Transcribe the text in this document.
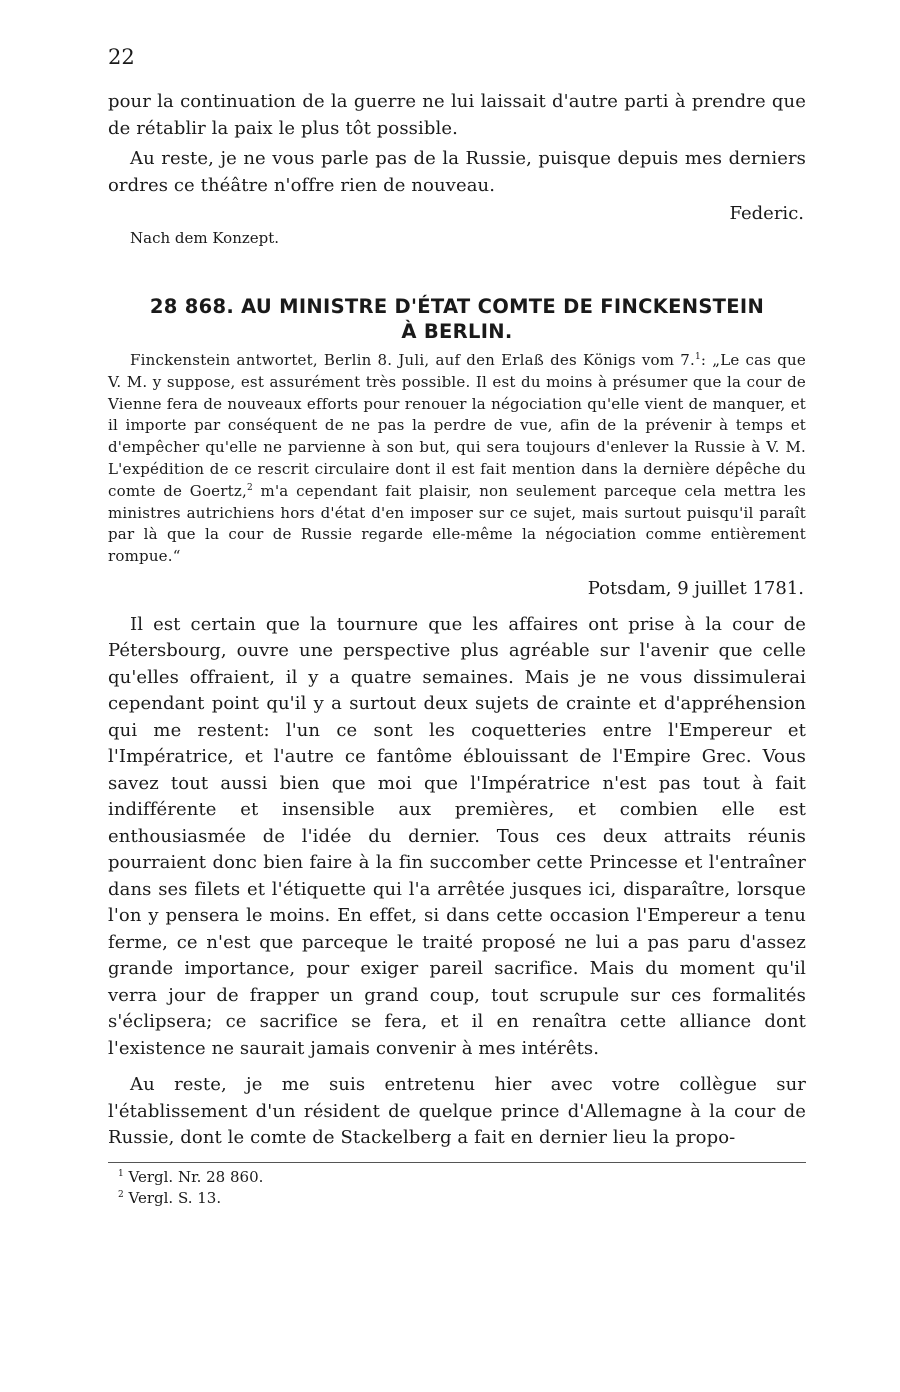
22

pour la continuation de la guerre ne lui laissait d'autre parti à prendre que de rétablir la paix le plus tôt possible.

Au reste, je ne vous parle pas de la Russie, puisque depuis mes derniers ordres ce théâtre n'offre rien de nouveau.

Federic.

Nach dem Konzept.

28 868. AU MINISTRE D'ÉTAT COMTE DE FINCKENSTEIN
À BERLIN.

Finckenstein antwortet, Berlin 8. Juli, auf den Erlaß des Königs vom 7.$^1$: „Le cas que V. M. y suppose, est assurément très possible. Il est du moins à présumer que la cour de Vienne fera de nouveaux efforts pour renouer la négociation qu'elle vient de manquer, et il importe par conséquent de ne pas la perdre de vue, afin de la prévenir à temps et d'empêcher qu'elle ne parvienne à son but, qui sera toujours d'enlever la Russie à V. M. L'expédition de ce rescrit circulaire dont il est fait mention dans la dernière dépêche du comte de Goertz,$^2$ m'a cependant fait plaisir, non seulement parceque cela mettra les ministres autrichiens hors d'état d'en imposer sur ce sujet, mais surtout puisqu'il paraît par là que la cour de Russie regarde elle-même la négociation comme entièrement rompue.“

Potsdam, 9 juillet 1781.

Il est certain que la tournure que les affaires ont prise à la cour de Pétersbourg, ouvre une perspective plus agréable sur l'avenir que celle qu'elles offraient, il y a quatre semaines. Mais je ne vous dissimulerai cependant point qu'il y a surtout deux sujets de crainte et d'appréhension qui me restent: l'un ce sont les coquetteries entre l'Empereur et l'Impératrice, et l'autre ce fantôme éblouissant de l'Empire Grec. Vous savez tout aussi bien que moi que l'Impératrice n'est pas tout à fait indifférente et insensible aux premières, et combien elle est enthousiasmée de l'idée du dernier. Tous ces deux attraits réunis pourraient donc bien faire à la fin succomber cette Princesse et l'entraîner dans ses filets et l'étiquette qui l'a arrêtée jusques ici, disparaître, lorsque l'on y pensera le moins. En effet, si dans cette occasion l'Empereur a tenu ferme, ce n'est que parceque le traité proposé ne lui a pas paru d'assez grande importance, pour exiger pareil sacrifice. Mais du moment qu'il verra jour de frapper un grand coup, tout scrupule sur ces formalités s'éclipsera; ce sacrifice se fera, et il en renaîtra cette alliance dont l'existence ne saurait jamais convenir à mes intérêts.

Au reste, je me suis entretenu hier avec votre collègue sur l'établissement d'un résident de quelque prince d'Allemagne à la cour de Russie, dont le comte de Stackelberg a fait en dernier lieu la propo-

$^1$ Vergl. Nr. 28 860.
$^2$ Vergl. S. 13.
